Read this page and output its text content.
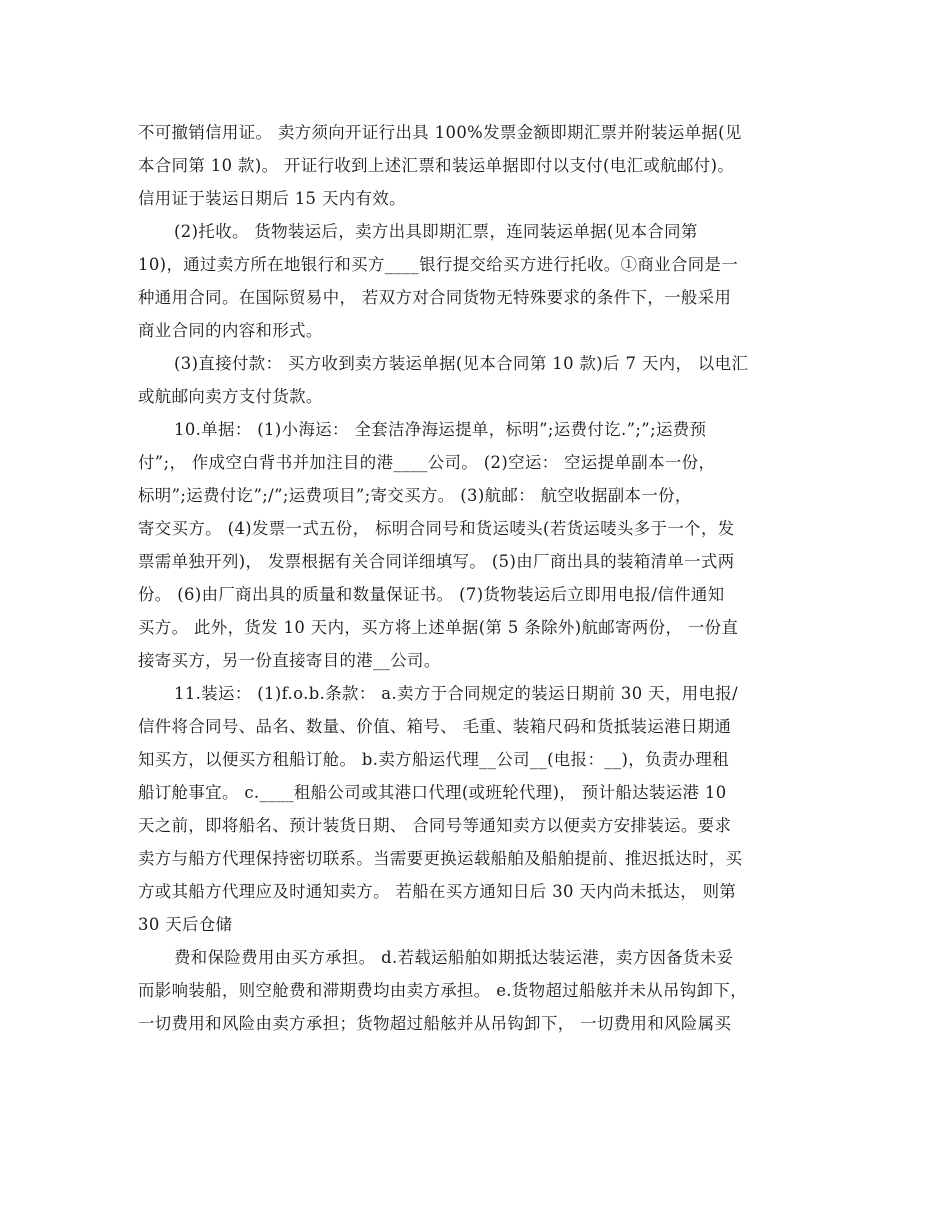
不可撤销信用证。 卖方须向开证行出具 100%发票金额即期汇票并附装运单据(见
本合同第 10 款)。 开证行收到上述汇票和装运单据即付以支付(电汇或航邮付)。
信用证于装运日期后 15 天内有效。
(2)托收。 货物装运后，卖方出具即期汇票，连同装运单据(见本合同第
10)，通过卖方所在地银行和买方____银行提交给买方进行托收。①商业合同是一
种通用合同。在国际贸易中， 若双方对合同货物无特殊要求的条件下，一般采用
商业合同的内容和形式。
(3)直接付款： 买方收到卖方装运单据(见本合同第 10 款)后 7 天内， 以电汇
或航邮向卖方支付货款。
10.单据： (1)小海运： 全套洁净海运提单，标明”;运费付讫.”;”;运费预
付”;， 作成空白背书并加注目的港____公司。 (2)空运： 空运提单副本一份，
标明”;运费付讫”;/”;运费项目”;寄交买方。 (3)航邮： 航空收据副本一份，
寄交买方。 (4)发票一式五份， 标明合同号和货运唛头(若货运唛头多于一个，发
票需单独开列)， 发票根据有关合同详细填写。 (5)由厂商出具的装箱清单一式两
份。 (6)由厂商出具的质量和数量保证书。 (7)货物装运后立即用电报/信件通知
买方。 此外，货发 10 天内，买方将上述单据(第 5 条除外)航邮寄两份， 一份直
接寄买方，另一份直接寄目的港__公司。
11.装运： (1)f.o.b.条款： a.卖方于合同规定的装运日期前 30 天，用电报/
信件将合同号、品名、数量、价值、箱号、 毛重、装箱尺码和货抵装运港日期通
知买方，以便买方租船订舱。 b.卖方船运代理__公司__(电报：__)，负责办理租
船订舱事宜。 c.____租船公司或其港口代理(或班轮代理)， 预计船达装运港 10
天之前，即将船名、预计装货日期、 合同号等通知卖方以便卖方安排装运。要求
卖方与船方代理保持密切联系。当需要更换运载船舶及船舶提前、推迟抵达时，买
方或其船方代理应及时通知卖方。 若船在买方通知日后 30 天内尚未抵达， 则第
30 天后仓储
费和保险费用由买方承担。 d.若载运船舶如期抵达装运港，卖方因备货未妥
而影响装船，则空舱费和滞期费均由卖方承担。 e.货物超过船舷并未从吊钩卸下，
一切费用和风险由卖方承担；货物超过船舷并从吊钩卸下， 一切费用和风险属买
